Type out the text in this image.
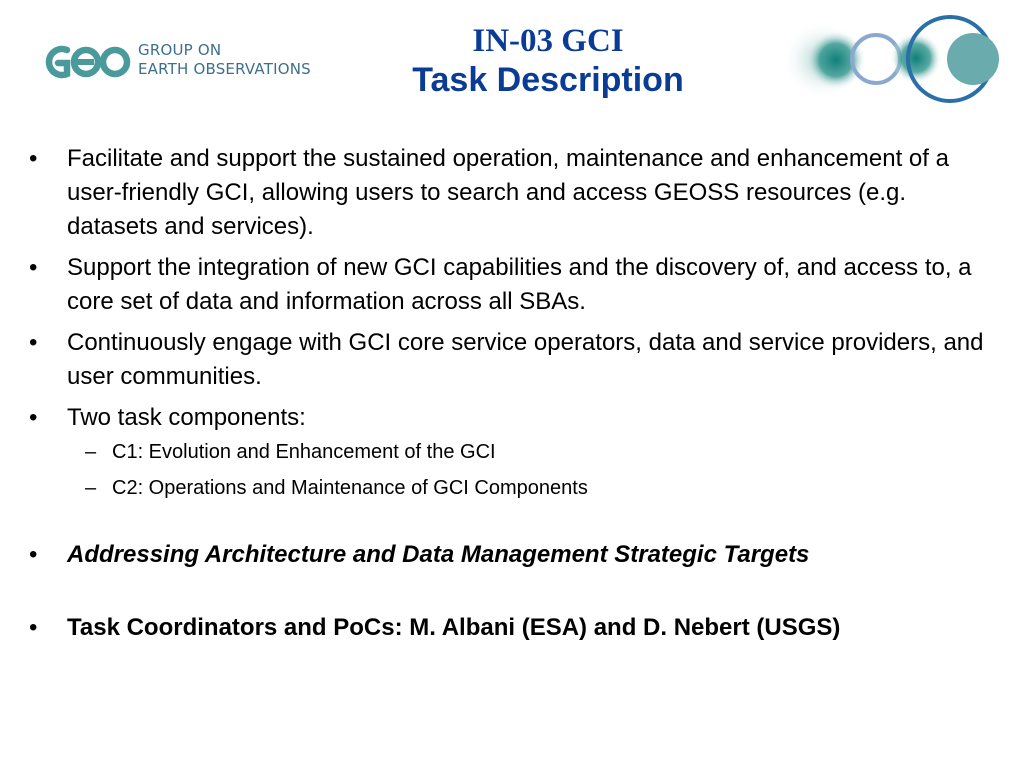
GROUP ON
EARTH OBSERVATIONS
IN-03 GCI
Task Description
• Facilitate and support the sustained operation, maintenance and enhancement of a user-friendly GCI, allowing users to search and access GEOSS resources (e.g. datasets and services).
• Support the integration of new GCI capabilities and the discovery of, and access to, a core set of data and information across all SBAs.
• Continuously engage with GCI core service operators, data and service providers, and user communities.
• Two task components:
– C1: Evolution and Enhancement of the GCI
– C2: Operations and Maintenance of GCI Components
• Addressing Architecture and Data Management Strategic Targets
• Task Coordinators and PoCs: M. Albani (ESA) and D. Nebert (USGS)
